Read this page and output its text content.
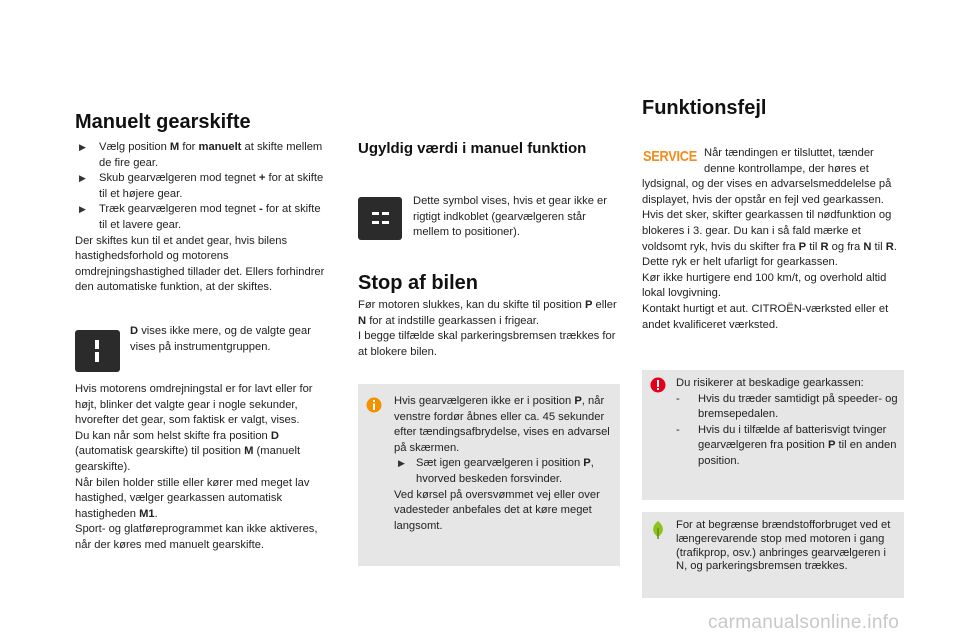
Manuelt gearskifte
▶ Vælg position M for manuelt at skifte mellem de fire gear.
▶ Skub gearvælgeren mod tegnet + for at skifte til et højere gear.
▶ Træk gearvælgeren mod tegnet - for at skifte til et lavere gear.
Der skiftes kun til et andet gear, hvis bilens hastighedsforhold og motorens omdrejningshastighed tillader det. Ellers forhindrer den automatiske funktion, at der skiftes.
D vises ikke mere, og de valgte gear vises på instrumentgruppen.
Hvis motorens omdrejningstal er for lavt eller for højt, blinker det valgte gear i nogle sekunder, hvorefter det gear, som faktisk er valgt, vises.
Du kan når som helst skifte fra position D (automatisk gearskifte) til position M (manuelt gearskifte).
Når bilen holder stille eller kører med meget lav hastighed, vælger gearkassen automatisk hastigheden M1.
Sport- og glatføreprogrammet kan ikke aktiveres, når der køres med manuelt gearskifte.
Ugyldig værdi i manuel funktion
Dette symbol vises, hvis et gear ikke er rigtigt indkoblet (gearvælgeren står mellem to positioner).
Stop af bilen
Før motoren slukkes, kan du skifte til position P eller N for at indstille gearkassen i frigear.
I begge tilfælde skal parkeringsbremsen trækkes for at blokere bilen.
Hvis gearvælgeren ikke er i position P, når venstre fordør åbnes eller ca. 45 sekunder efter tændingsafbrydelse, vises en advarsel på skærmen.
▶ Sæt igen gearvælgeren i position P, hvorved beskeden forsvinder.
Ved kørsel på oversvømmet vej eller over vadesteder anbefales det at køre meget langsomt.
Funktionsfejl
SERVICE Når tændingen er tilsluttet, tænder denne kontrollampe, der høres et lydsignal, og der vises en advarselsmeddelelse på displayet, hvis der opstår en fejl ved gearkassen.
Hvis det sker, skifter gearkassen til nødfunktion og blokeres i 3. gear. Du kan i så fald mærke et voldsomt ryk, hvis du skifter fra P til R og fra N til R. Dette ryk er helt ufarligt for gearkassen.
Kør ikke hurtigere end 100 km/t, og overhold altid lokal lovgivning.
Kontakt hurtigt et aut. CITROËN-værksted eller et andet kvalificeret værksted.
Du risikerer at beskadige gearkassen:
- Hvis du træder samtidigt på speeder- og bremsepedalen.
- Hvis du i tilfælde af batterisvigt tvinger gearvælgeren fra position P til en anden position.
For at begrænse brændstofforbruget ved et længerevarende stop med motoren i gang (trafikprop, osv.) anbringes gearvælgeren i N, og parkeringsbremsen trækkes.
carmanualsonline.info
